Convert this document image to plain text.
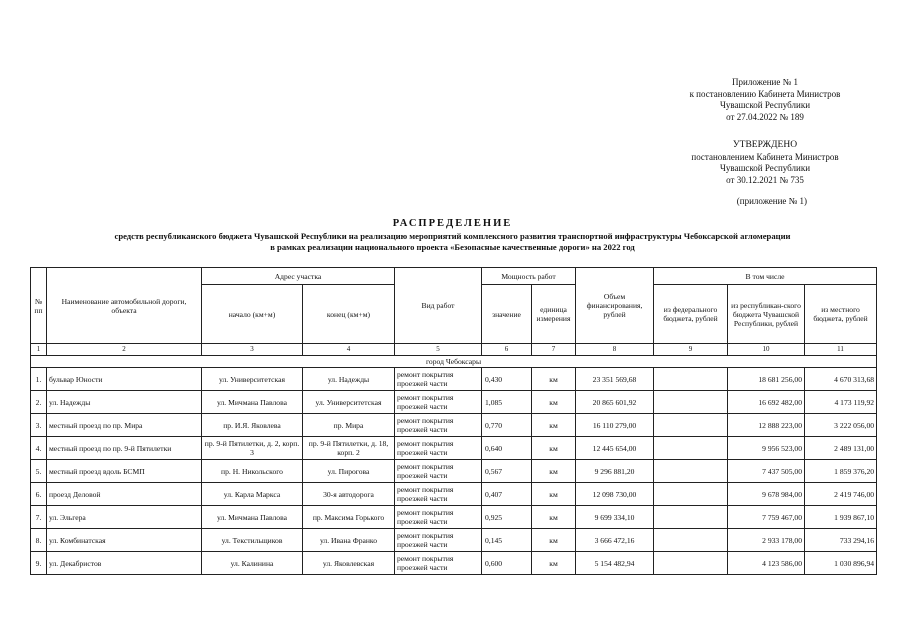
Приложение № 1
к постановлению Кабинета Министров
Чувашской Республики
от 27.04.2022 № 189
УТВЕРЖДЕНО
постановлением Кабинета Министров
Чувашской Республики
от 30.12.2021 № 735
(приложение № 1)
РАСПРЕДЕЛЕНИЕ
средств республиканского бюджета Чувашской Республики на реализацию мероприятий комплексного развития транспортной инфраструктуры Чебоксарской агломерации
в рамках реализации национального проекта «Безопасные качественные дороги» на 2022 год
№ пп	Наименование автомобильной дороги, объекта	Адрес участка		Вид работ	Мощность работ		Объем финансирования, рублей	В том числе		
		начало (км+м)	конец (км+м)		значение	единица измерения		из федерального бюджета, рублей	из республикан-ского бюджета Чувашской Республики, рублей	из местного бюджета, рублей
1	2	3	4	5	6	7	8	9	10	11
город Чебоксары										
1.	бульвар Юности	ул. Университетская	ул. Надежды	ремонт покрытия проезжей части	0,430	км	23 351 569,68		18 681 256,00	4 670 313,68
2.	ул. Надежды	ул. Мичмана Павлова	ул. Университетская	ремонт покрытия проезжей части	1,085	км	20 865 601,92		16 692 482,00	4 173 119,92
3.	местный проезд по пр. Мира	пр. И.Я. Яковлева	пр. Мира	ремонт покрытия проезжей части	0,770	км	16 110 279,00		12 888 223,00	3 222 056,00
4.	местный проезд по пр. 9-й Пятилетки	пр. 9-й Пятилетки, д. 2, корп. 3	пр. 9-й Пятилетки, д. 18, корп. 2	ремонт покрытия проезжей части	0,640	км	12 445 654,00		9 956 523,00	2 489 131,00
5.	местный проезд вдоль БСМП	пр. Н. Никольского	ул. Пирогова	ремонт покрытия проезжей части	0,567	км	9 296 881,20		7 437 505,00	1 859 376,20
6.	проезд Деловой	ул. Карла Маркса	30-я автодорога	ремонт покрытия проезжей части	0,407	км	12 098 730,00		9 678 984,00	2 419 746,00
7.	ул. Эльгера	ул. Мичмана Павлова	пр. Максима Горького	ремонт покрытия проезжей части	0,925	км	9 699 334,10		7 759 467,00	1 939 867,10
8.	ул. Комбинатская	ул. Текстильщиков	ул. Ивана Франко	ремонт покрытия проезжей части	0,145	км	3 666 472,16		2 933 178,00	733 294,16
9.	ул. Декабристов	ул. Калинина	ул. Яковлевская	ремонт покрытия проезжей части	0,600	км	5 154 482,94		4 123 586,00	1 030 896,94
